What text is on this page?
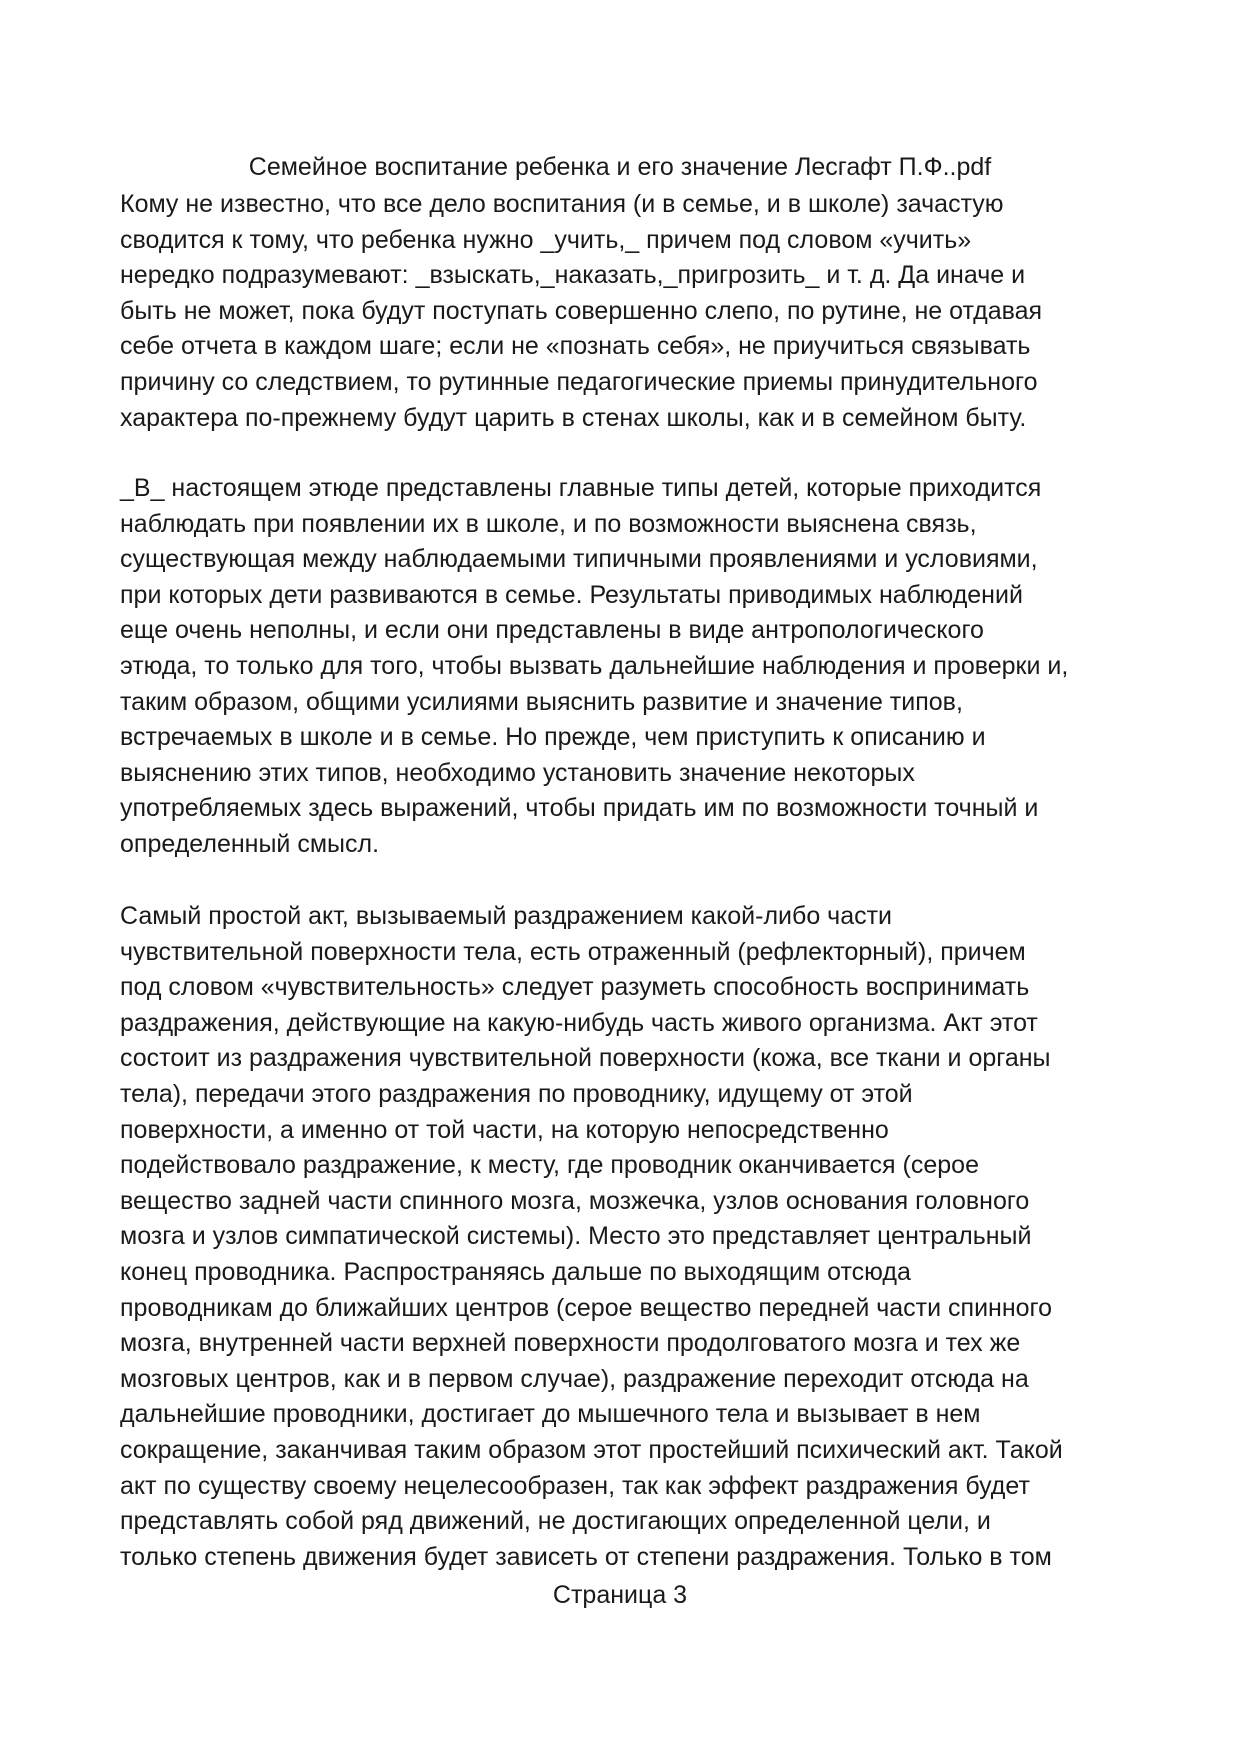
Семейное воспитание ребенка и его значение Лесгафт П.Ф..pdf

Кому не известно, что все дело воспитания (и в семье, и в школе) зачастую
сводится к тому, что ребенка нужно _учить,_ причем под словом «учить»
нередко подразумевают: _взыскать,_наказать,_пригрозить_ и т. д. Да иначе и
быть не может, пока будут поступать совершенно слепо, по рутине, не отдавая
себе отчета в каждом шаге; если не «познать себя», не приучиться связывать
причину со следствием, то рутинные педагогические приемы принудительного
характера по-прежнему будут царить в стенах школы, как и в семейном быту.

_В_ настоящем этюде представлены главные типы детей, которые приходится
наблюдать при появлении их в школе, и по возможности выяснена связь,
существующая между наблюдаемыми типичными проявлениями и условиями,
при которых дети развиваются в семье. Результаты приводимых наблюдений
еще очень неполны, и если они представлены в виде антропологического
этюда, то только для того, чтобы вызвать дальнейшие наблюдения и проверки и,
таким образом, общими усилиями выяснить развитие и значение типов,
встречаемых в школе и в семье. Но прежде, чем приступить к описанию и
выяснению этих типов, необходимо установить значение некоторых
употребляемых здесь выражений, чтобы придать им по возможности точный и
определенный смысл.

Самый простой акт, вызываемый раздражением какой-либо части
чувствительной поверхности тела, есть отраженный (рефлекторный), причем
под словом «чувствительность» следует разуметь способность воспринимать
раздражения, действующие на какую-нибудь часть живого организма. Акт этот
состоит из раздражения чувствительной поверхности (кожа, все ткани и органы
тела), передачи этого раздражения по проводнику, идущему от этой
поверхности, а именно от той части, на которую непосредственно
подействовало раздражение, к месту, где проводник оканчивается (серое
вещество задней части спинного мозга, мозжечка, узлов основания головного
мозга и узлов симпатической системы). Место это представляет центральный
конец проводника. Распространяясь дальше по выходящим отсюда
проводникам до ближайших центров (серое вещество передней части спинного
мозга, внутренней части верхней поверхности продолговатого мозга и тех же
мозговых центров, как и в первом случае), раздражение переходит отсюда на
дальнейшие проводники, достигает до мышечного тела и вызывает в нем
сокращение, заканчивая таким образом этот простейший психический акт. Такой
акт по существу своему нецелесообразен, так как эффект раздражения будет
представлять собой ряд движений, не достигающих определенной цели, и
только степень движения будет зависеть от степени раздражения. Только в том

Страница 3
